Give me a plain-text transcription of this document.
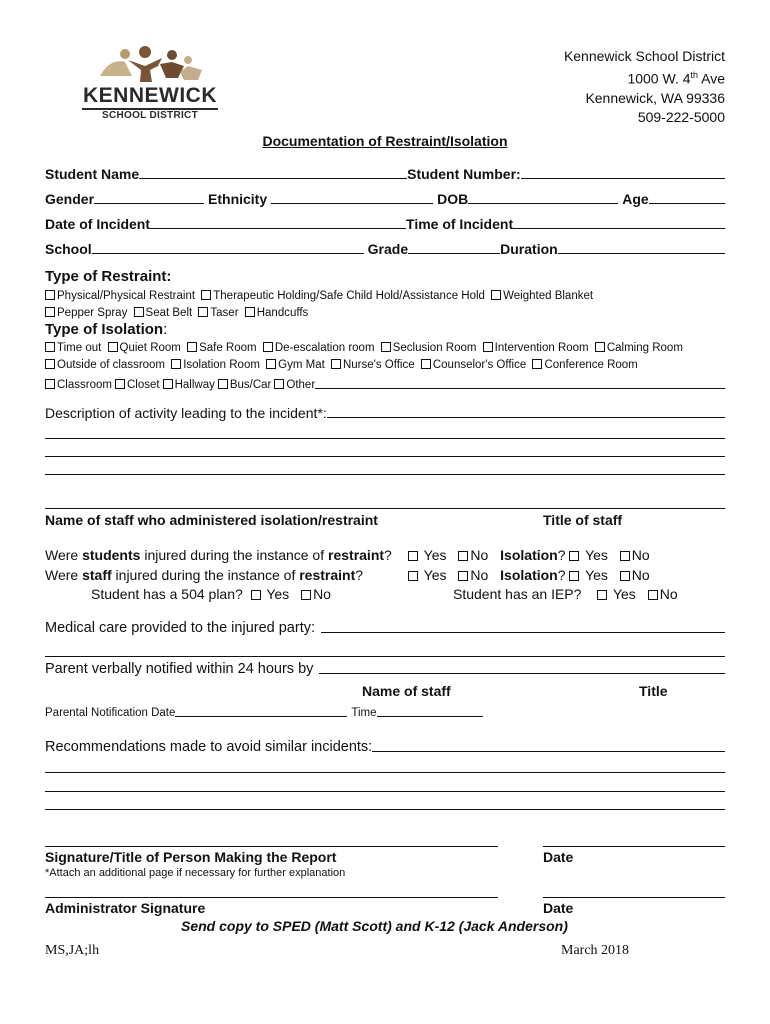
KENNEWICK
SCHOOL DISTRICT
Kennewick School District
1000 W. 4th Ave
Kennewick, WA 99336
509-222-5000
Documentation of Restraint/Isolation
Student Name	Student Number:
Gender	Ethnicity	DOB	Age
Date of Incident	Time of Incident
School	Grade	Duration
Type of Restraint:
Physical/Physical Restraint Therapeutic Holding/Safe Child Hold/Assistance Hold Weighted Blanket
Pepper Spray Seat Belt Taser Handcuffs
Type of Isolation:
Time out Quiet Room Safe Room De-escalation room Seclusion Room Intervention Room Calming Room
Outside of classroom Isolation Room Gym Mat Nurse's Office Counselor's Office Conference Room
Classroom	Closet	Hallway	Bus/Car	Other
Description of activity leading to the incident*:
Name of staff who administered isolation/restraint	Title of staff
Were students injured during the instance of restraint?	Yes No Isolation?  Yes No
Were staff injured during the instance of restraint?	Yes No Isolation?  Yes No
Student has a 504 plan? Yes No	Student has an IEP? Yes No
Medical care provided to the injured party:
Parent verbally notified within 24 hours by
Name of staff	Title
Parental Notification Date	Time
Recommendations made to avoid similar incidents:
Signature/Title of Person Making the Report	Date
*Attach an additional page if necessary for further explanation
Administrator Signature	Date
Send copy to SPED (Matt Scott) and K-12 (Jack Anderson)
MS,JA;lh	March 2018
